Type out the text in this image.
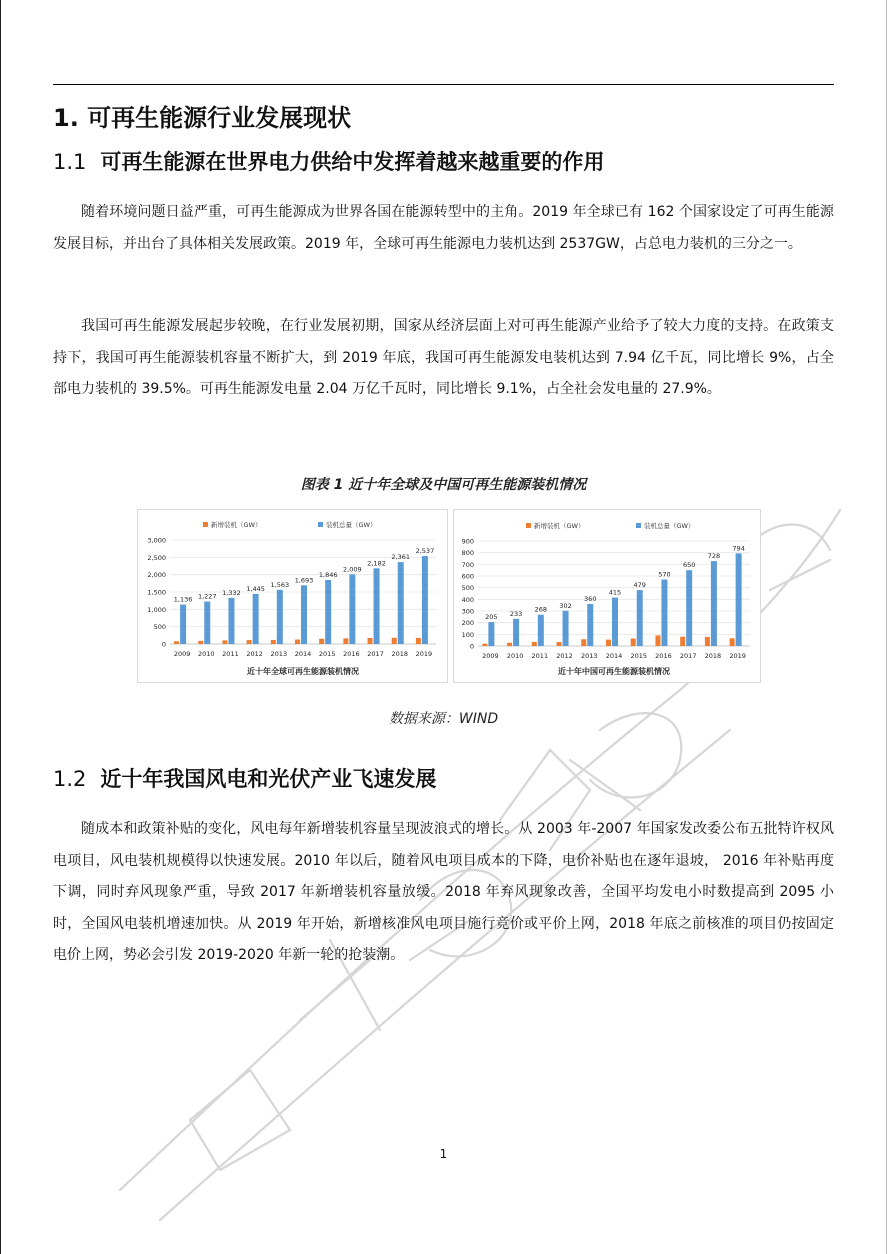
1. 可再生能源行业发展现状
1.1 可再生能源在世界电力供给中发挥着越来越重要的作用

随着环境问题日益严重，可再生能源成为世界各国在能源转型中的主角。2019 年全球已有 162 个国家设定了可再生能源发展目标，并出台了具体相关发展政策。2019 年，全球可再生能源电力装机达到 2537GW，占总电力装机的三分之一。

我国可再生能源发展起步较晚，在行业发展初期，国家从经济层面上对可再生能源产业给予了较大力度的支持。在政策支持下，我国可再生能源装机容量不断扩大，到 2019 年底，我国可再生能源发电装机达到 7.94 亿千瓦，同比增长 9%，占全部电力装机的 39.5%。可再生能源发电量 2.04 万亿千瓦时，同比增长 9.1%，占全社会发电量的 27.9%。

图表 1 近十年全球及中国可再生能源装机情况
0
500
1,000
1,500
2,000
2,500
3,000
1,136
2009
1,227
2010
1,332
2011
1,445
2012
1,563
2013
1,693
2014
1,846
2015
2,009
2016
2,182
2017
2,361
2018
2,537
2019
新增装机（GW）	装机总量（GW）
近十年全球可再生能源装机情况
0
100
200
300
400
500
600
700
800
900
205
2009
233
2010
268
2011
302
2012
360
2013
415
2014
479
2015
570
2016
650
2017
728
2018
794
2019
新增装机（GW）	装机总量（GW）
近十年中国可再生能源装机情况
数据来源：WIND
1.2 近十年我国风电和光伏产业飞速发展

随成本和政策补贴的变化，风电每年新增装机容量呈现波浪式的增长。从 2003 年-2007 年国家发改委公布五批特许权风电项目，风电装机规模得以快速发展。2010 年以后，随着风电项目成本的下降，电价补贴也在逐年退坡， 2016 年补贴再度下调，同时弃风现象严重，导致 2017 年新增装机容量放缓。2018 年弃风现象改善，全国平均发电小时数提高到 2095 小时，全国风电装机增速加快。从 2019 年开始，新增核准风电项目施行竞价或平价上网，2018 年底之前核准的项目仍按固定电价上网，势必会引发 2019-2020 年新一轮的抢装潮。

1
